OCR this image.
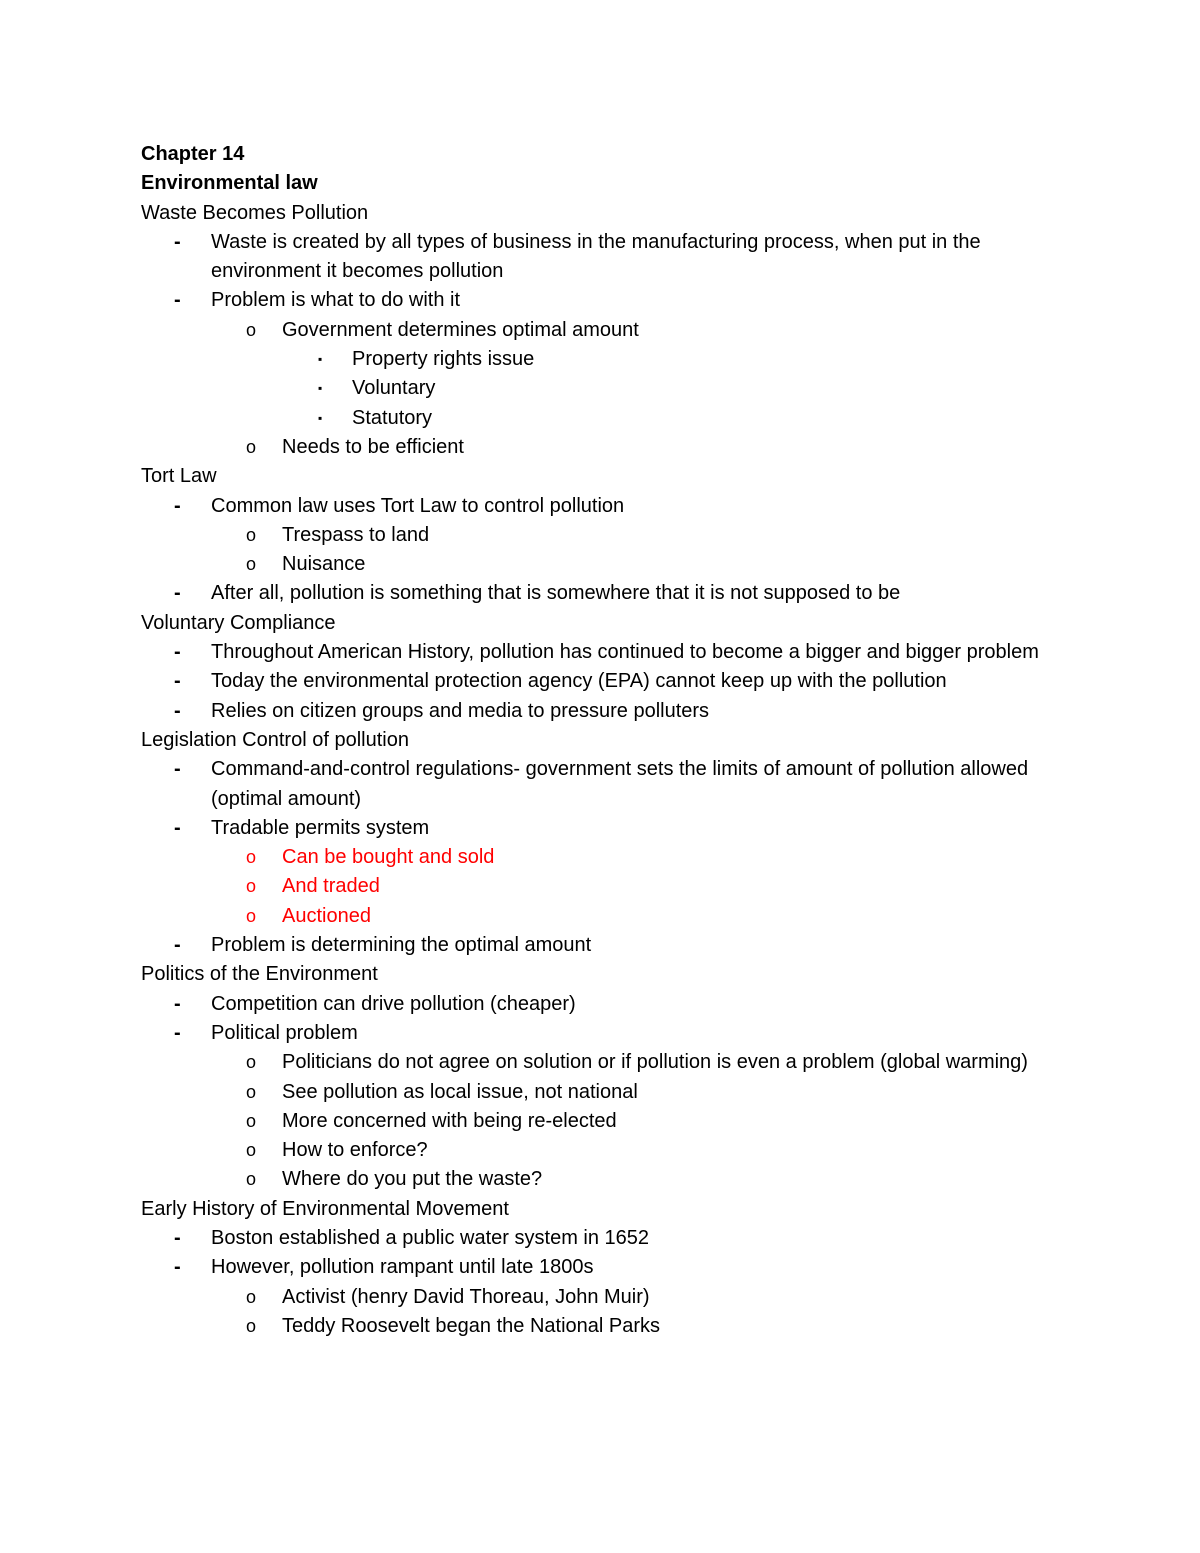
Chapter 14
Environmental law
Waste Becomes Pollution
- Waste is created by all types of business in the manufacturing process, when put in the environment it becomes pollution
- Problem is what to do with it
o Government determines optimal amount
▪ Property rights issue
▪ Voluntary
▪ Statutory
o Needs to be efficient
Tort Law
- Common law uses Tort Law to control pollution
o Trespass to land
o Nuisance
- After all, pollution is something that is somewhere that it is not supposed to be
Voluntary Compliance
- Throughout American History, pollution has continued to become a bigger and bigger problem
- Today the environmental protection agency (EPA) cannot keep up with the pollution
- Relies on citizen groups and media to pressure polluters
Legislation Control of pollution
- Command-and-control regulations- government sets the limits of amount of pollution allowed (optimal amount)
- Tradable permits system
o Can be bought and sold
o And traded
o Auctioned
- Problem is determining the optimal amount
Politics of the Environment
- Competition can drive pollution (cheaper)
- Political problem
o Politicians do not agree on solution or if pollution is even a problem (global warming)
o See pollution as local issue, not national
o More concerned with being re-elected
o How to enforce?
o Where do you put the waste?
Early History of Environmental Movement
- Boston established a public water system in 1652
- However, pollution rampant until late 1800s
o Activist (henry David Thoreau, John Muir)
o Teddy Roosevelt began the National Parks
